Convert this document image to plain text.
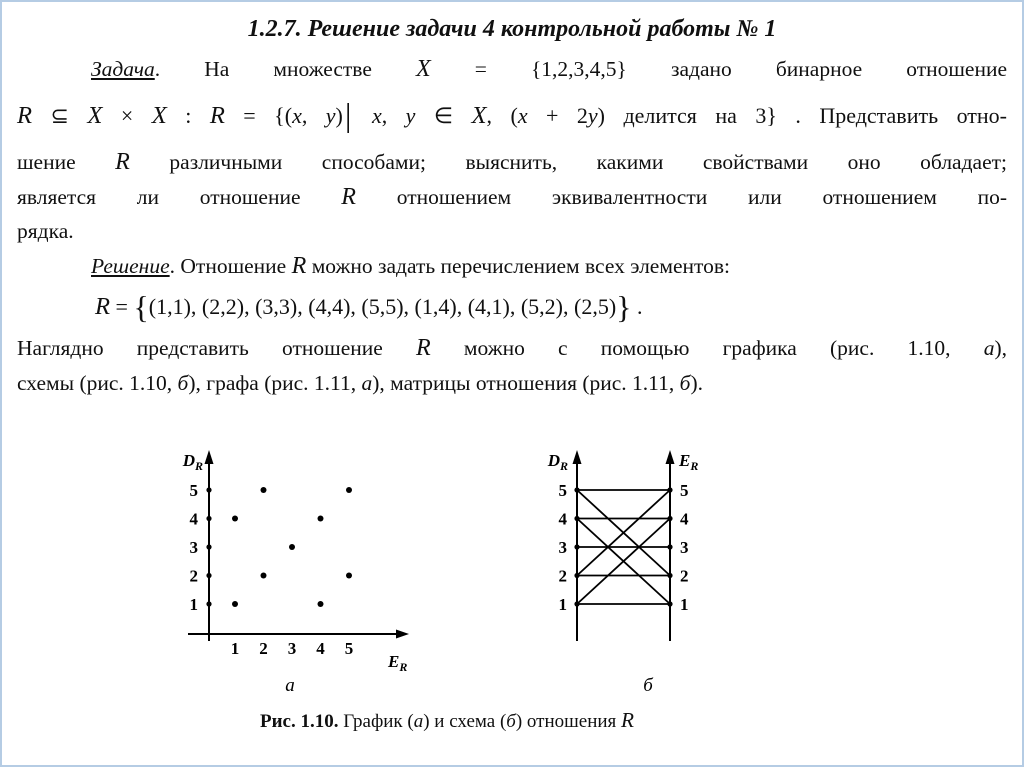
1.2.7. Решение задачи 4 контрольной работы № 1
Задача. На множестве X = {1,2,3,4,5} задано бинарное отношение
R ⊆ X × X : R = {(x, y)| x, y ∈ X, (x + 2y) делится на 3} . Представить отно-
шение R различными способами; выяснить, какими свойствами оно обладает;
является ли отношение R отношением эквивалентности или отношением по-
рядка.
Решение. Отношение R можно задать перечислением всех элементов:
R = {(1,1), (2,2), (3,3), (4,4), (5,5), (1,4), (4,1), (5,2), (2,5)} .
Наглядно представить отношение R можно с помощью графика (рис. 1.10, а),
схемы (рис. 1.10, б), графа (рис. 1.11, а), матрицы отношения (рис. 1.11, б).
$D_R$
$E_R$
1
1
2
2
3
3
4
4
5
5
а
$D_R$	$E_R$
1	1
2	2
3	3
4	4
5	5
б
Рис. 1.10. График (а) и схема (б) отношения R
